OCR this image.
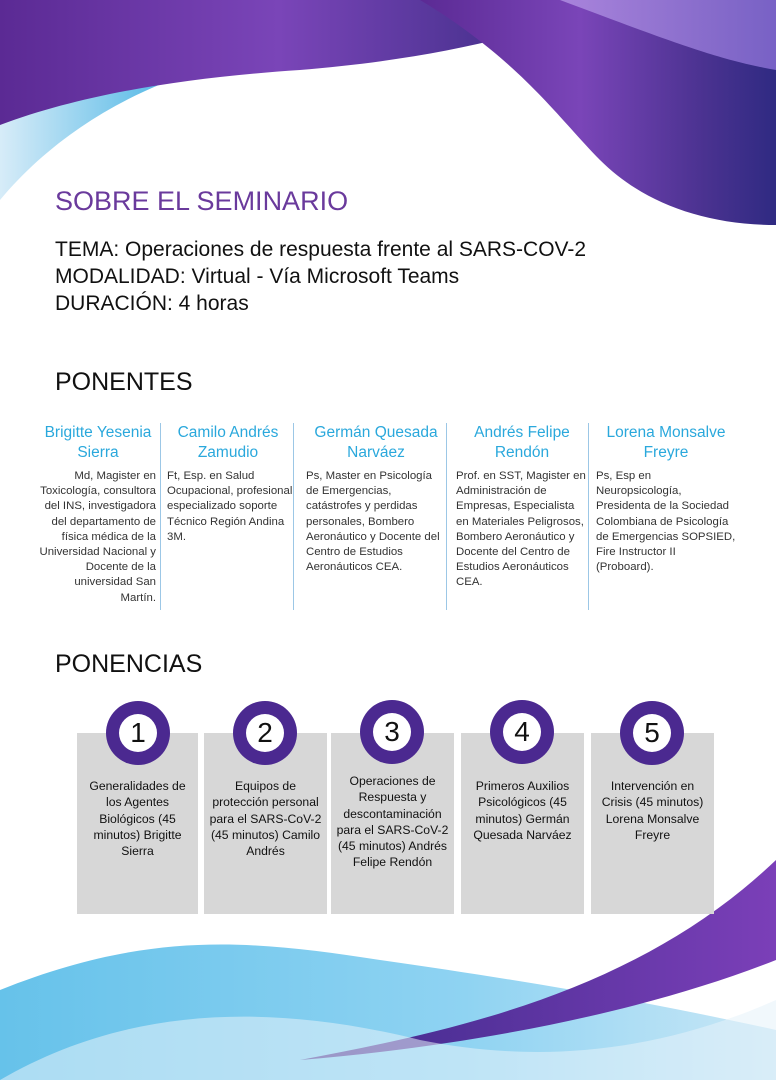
SOBRE EL SEMINARIO
TEMA: Operaciones de respuesta frente al SARS-COV-2
MODALIDAD: Virtual - Vía Microsoft Teams
DURACIÓN: 4 horas
PONENTES
Brigitte Yesenia Sierra
Md, Magister en Toxicología, consultora del INS, investigadora del departamento de física médica de la Universidad Nacional y Docente de la universidad San Martín.
Camilo Andrés Zamudio
Ft, Esp. en Salud Ocupacional, profesional especializado soporte Técnico Región Andina 3M.
Germán Quesada Narváez
Ps, Master en Psicología de Emergencias, catástrofes y perdidas personales, Bombero Aeronáutico y Docente del Centro de Estudios Aeronáuticos CEA.
Andrés Felipe Rendón
Prof. en SST, Magister en Administración de Empresas, Especialista en Materiales Peligrosos, Bombero Aeronáutico y Docente del Centro de Estudios Aeronáuticos CEA.
Lorena Monsalve Freyre
Ps, Esp en Neuropsicología, Presidenta de la Sociedad Colombiana de Psicología de Emergencias SOPSIED, Fire Instructor II (Proboard).
PONENCIAS
Generalidades de los Agentes Biológicos (45 minutos) Brigitte Sierra
Equipos de protección personal para el SARS-CoV-2 (45 minutos) Camilo Andrés
Operaciones de Respuesta y descontaminación para el SARS-CoV-2 (45 minutos) Andrés Felipe Rendón
Primeros Auxilios Psicológicos (45 minutos) Germán Quesada Narváez
Intervención en Crisis (45 minutos) Lorena Monsalve Freyre
1	2	3	4	5
